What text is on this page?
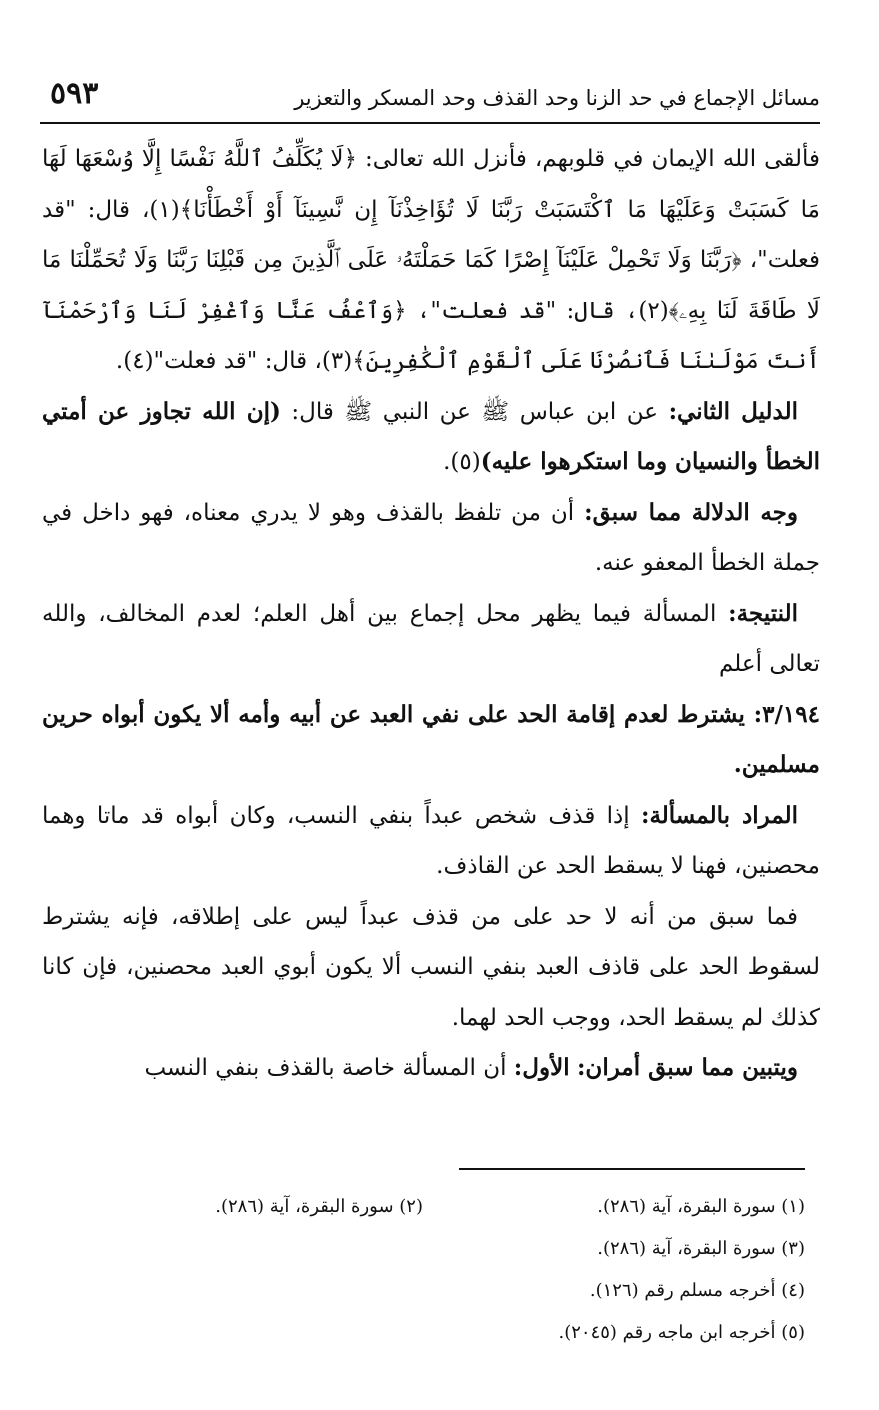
٥٩٣	مسائل الإجماع في حد الزنا وحد القذف وحد المسكر والتعزير

فألقى الله الإيمان في قلوبهم، فأنزل الله تعالى: ﴿لَا يُكَلِّفُ ٱللَّهُ نَفْسًا إِلَّا وُسْعَهَا لَهَا مَا كَسَبَتْ وَعَلَيْهَا مَا ٱكْتَسَبَتْ رَبَّنَا لَا تُؤَاخِذْنَآ إِن نَّسِينَآ أَوْ أَخْطَأْنَا﴾(١)، قال: "قد فعلت"، ﴿رَبَّنَا وَلَا تَحْمِلْ عَلَيْنَآ إِصْرًا كَمَا حَمَلْتَهُۥ عَلَى ٱلَّذِينَ مِن قَبْلِنَا رَبَّنَا وَلَا تُحَمِّلْنَا مَا لَا طَاقَةَ لَنَا بِهِۦ﴾(٢)، قال: "قد فعلت"، ﴿وَٱعْفُ عَنَّا وَٱغْفِرْ لَنَا وَٱرْحَمْنَآ أَنتَ مَوْلَىٰنَا فَٱنصُرْنَا عَلَى ٱلْقَوْمِ ٱلْكَٰفِرِينَ﴾(٣)، قال: "قد فعلت"(٤).

الدليل الثاني: عن ابن عباس ﷺ عن النبي ﷺ قال: (إن الله تجاوز عن أمتي الخطأ والنسيان وما استكرهوا عليه)(٥).

وجه الدلالة مما سبق: أن من تلفظ بالقذف وهو لا يدري معناه، فهو داخل في جملة الخطأ المعفو عنه.

النتيجة: المسألة فيما يظهر محل إجماع بين أهل العلم؛ لعدم المخالف، والله تعالى أعلم

٣/١٩٤: يشترط لعدم إقامة الحد على نفي العبد عن أبيه وأمه ألا يكون أبواه حرين مسلمين.

المراد بالمسألة: إذا قذف شخص عبداً بنفي النسب، وكان أبواه قد ماتا وهما محصنين، فهنا لا يسقط الحد عن القاذف.

فما سبق من أنه لا حد على من قذف عبداً ليس على إطلاقه، فإنه يشترط لسقوط الحد على قاذف العبد بنفي النسب ألا يكون أبوي العبد محصنين، فإن كانا كذلك لم يسقط الحد، ووجب الحد لهما.

ويتبين مما سبق أمران: الأول: أن المسألة خاصة بالقذف بنفي النسب

(١) سورة البقرة، آية (٢٨٦).
(٢) سورة البقرة، آية (٢٨٦).
(٣) سورة البقرة، آية (٢٨٦).
(٤) أخرجه مسلم رقم (١٢٦).
(٥) أخرجه ابن ماجه رقم (٢٠٤٥).
